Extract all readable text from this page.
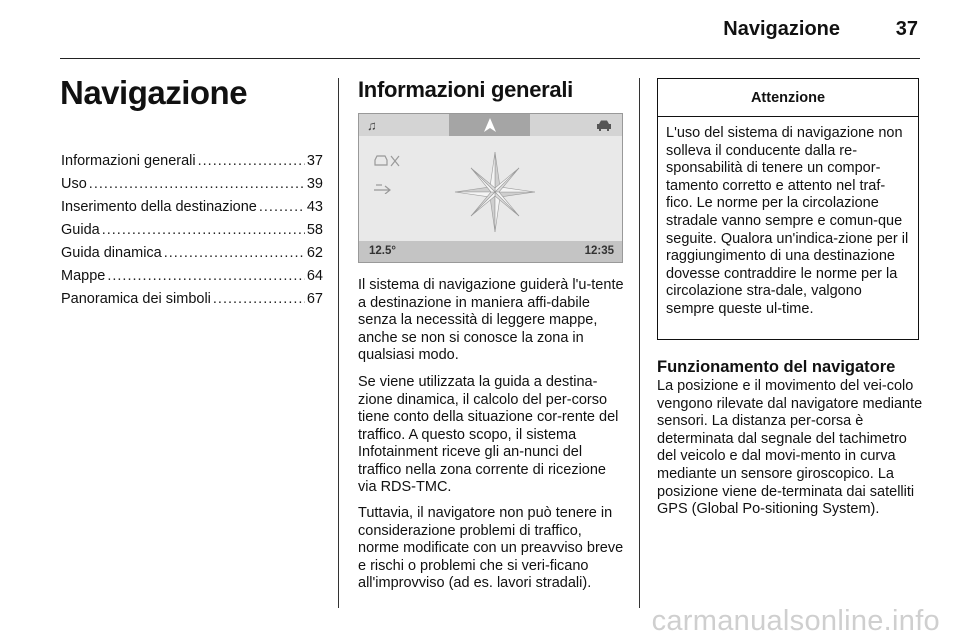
Navigazione	37
Navigazione
Informazioni generali .....	37
Uso .....	39
Inserimento della destinazione .....	43
Guida .....	58
Guida dinamica .....	62
Mappe .....	64
Panoramica dei simboli .....	67
Informazioni generali
♫
12.5°	12:35

Il sistema di navigazione guiderà l'u-tente a destinazione in maniera affi-dabile senza la necessità di leggere mappe, anche se non si conosce la zona in qualsiasi modo.

Se viene utilizzata la guida a destina-zione dinamica, il calcolo del per-corso tiene conto della situazione cor-rente del traffico. A questo scopo, il sistema Infotainment riceve gli an-nunci del traffico nella zona corrente di ricezione via RDS-TMC.

Tuttavia, il navigatore non può tenere in considerazione problemi di traffico, norme modificate con un preavviso breve e rischi o problemi che si veri-ficano all'improvviso (ad es. lavori stradali).

Attenzione
L'uso del sistema di navigazione non solleva il conducente dalla re-sponsabilità di tenere un compor-tamento corretto e attento nel traf-fico. Le norme per la circolazione stradale vanno sempre e comun-que seguite. Qualora un'indica-zione per il raggiungimento di una destinazione dovesse contraddire le norme per la circolazione stra-dale, valgono sempre queste ul-time.
Funzionamento del navigatore

La posizione e il movimento del vei-colo vengono rilevate dal navigatore mediante sensori. La distanza per-corsa è determinata dal segnale del tachimetro del veicolo e dal movi-mento in curva mediante un sensore giroscopico. La posizione viene de-terminata dai satelliti GPS (Global Po-sitioning System).

carmanualsonline.info
